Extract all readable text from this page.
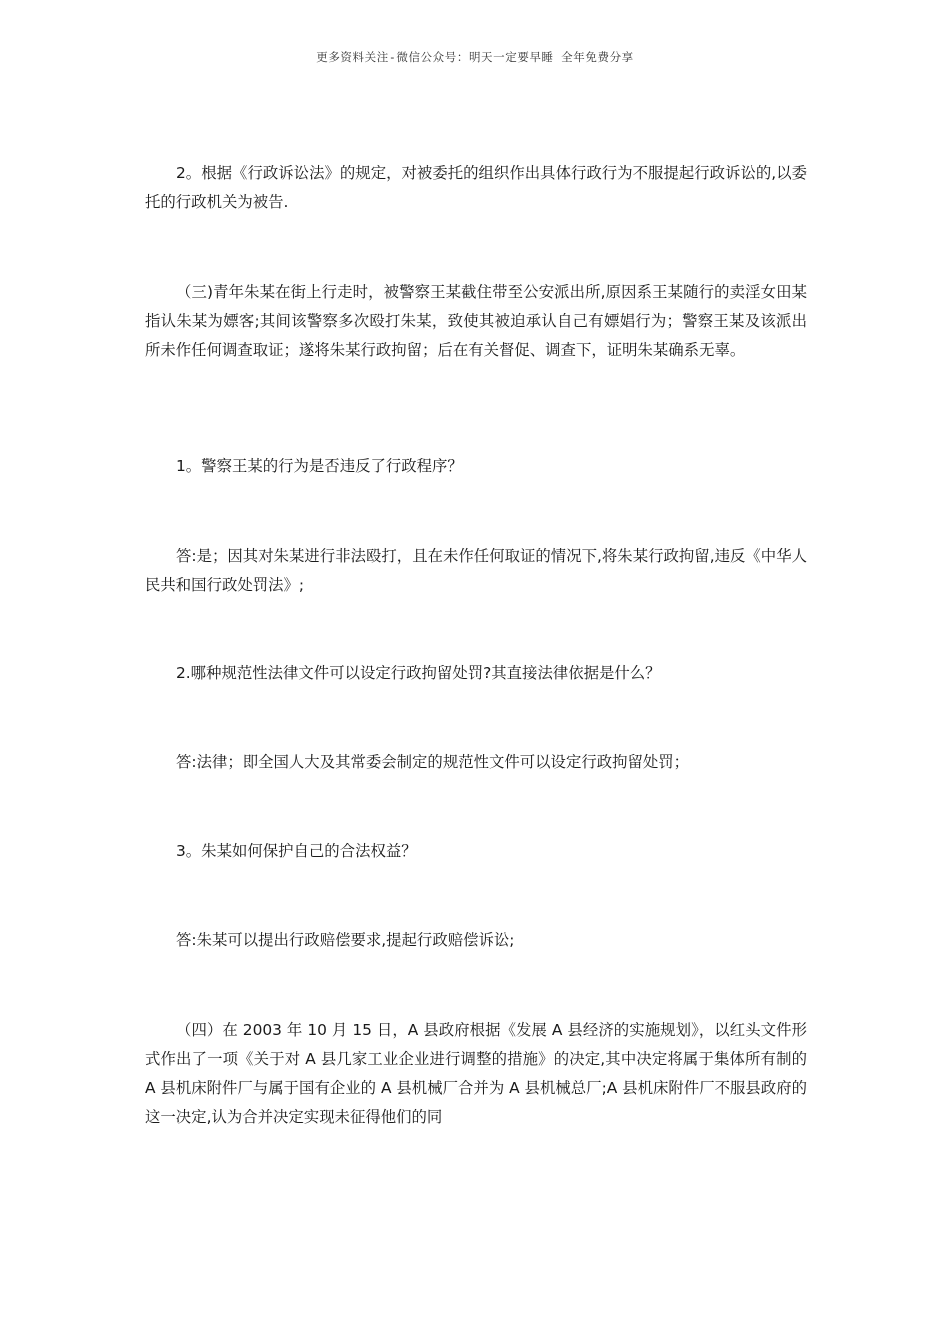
更多资料关注-微信公众号：明天一定要早睡 全年免费分享

2。根据《行政诉讼法》的规定，对被委托的组织作出具体行政行为不服提起行政诉讼的,以委托的行政机关为被告.

（三)青年朱某在街上行走时，被警察王某截住带至公安派出所,原因系王某随行的卖淫女田某指认朱某为嫖客;其间该警察多次殴打朱某，致使其被迫承认自己有嫖娼行为；警察王某及该派出所未作任何调查取证；遂将朱某行政拘留；后在有关督促、调查下，证明朱某确系无辜。

1。警察王某的行为是否违反了行政程序？

答:是；因其对朱某进行非法殴打，且在未作任何取证的情况下,将朱某行政拘留,违反《中华人民共和国行政处罚法》;

2.哪种规范性法律文件可以设定行政拘留处罚?其直接法律依据是什么？

答:法律；即全国人大及其常委会制定的规范性文件可以设定行政拘留处罚；

3。朱某如何保护自己的合法权益？

答:朱某可以提出行政赔偿要求,提起行政赔偿诉讼;

（四）在 2003 年 10 月 15 日，A 县政府根据《发展 A 县经济的实施规划》，以红头文件形式作出了一项《关于对 A 县几家工业企业进行调整的措施》的决定,其中决定将属于集体所有制的 A 县机床附件厂与属于国有企业的 A 县机械厂合并为 A 县机械总厂;A 县机床附件厂不服县政府的这一决定,认为合并决定实现未征得他们的同
